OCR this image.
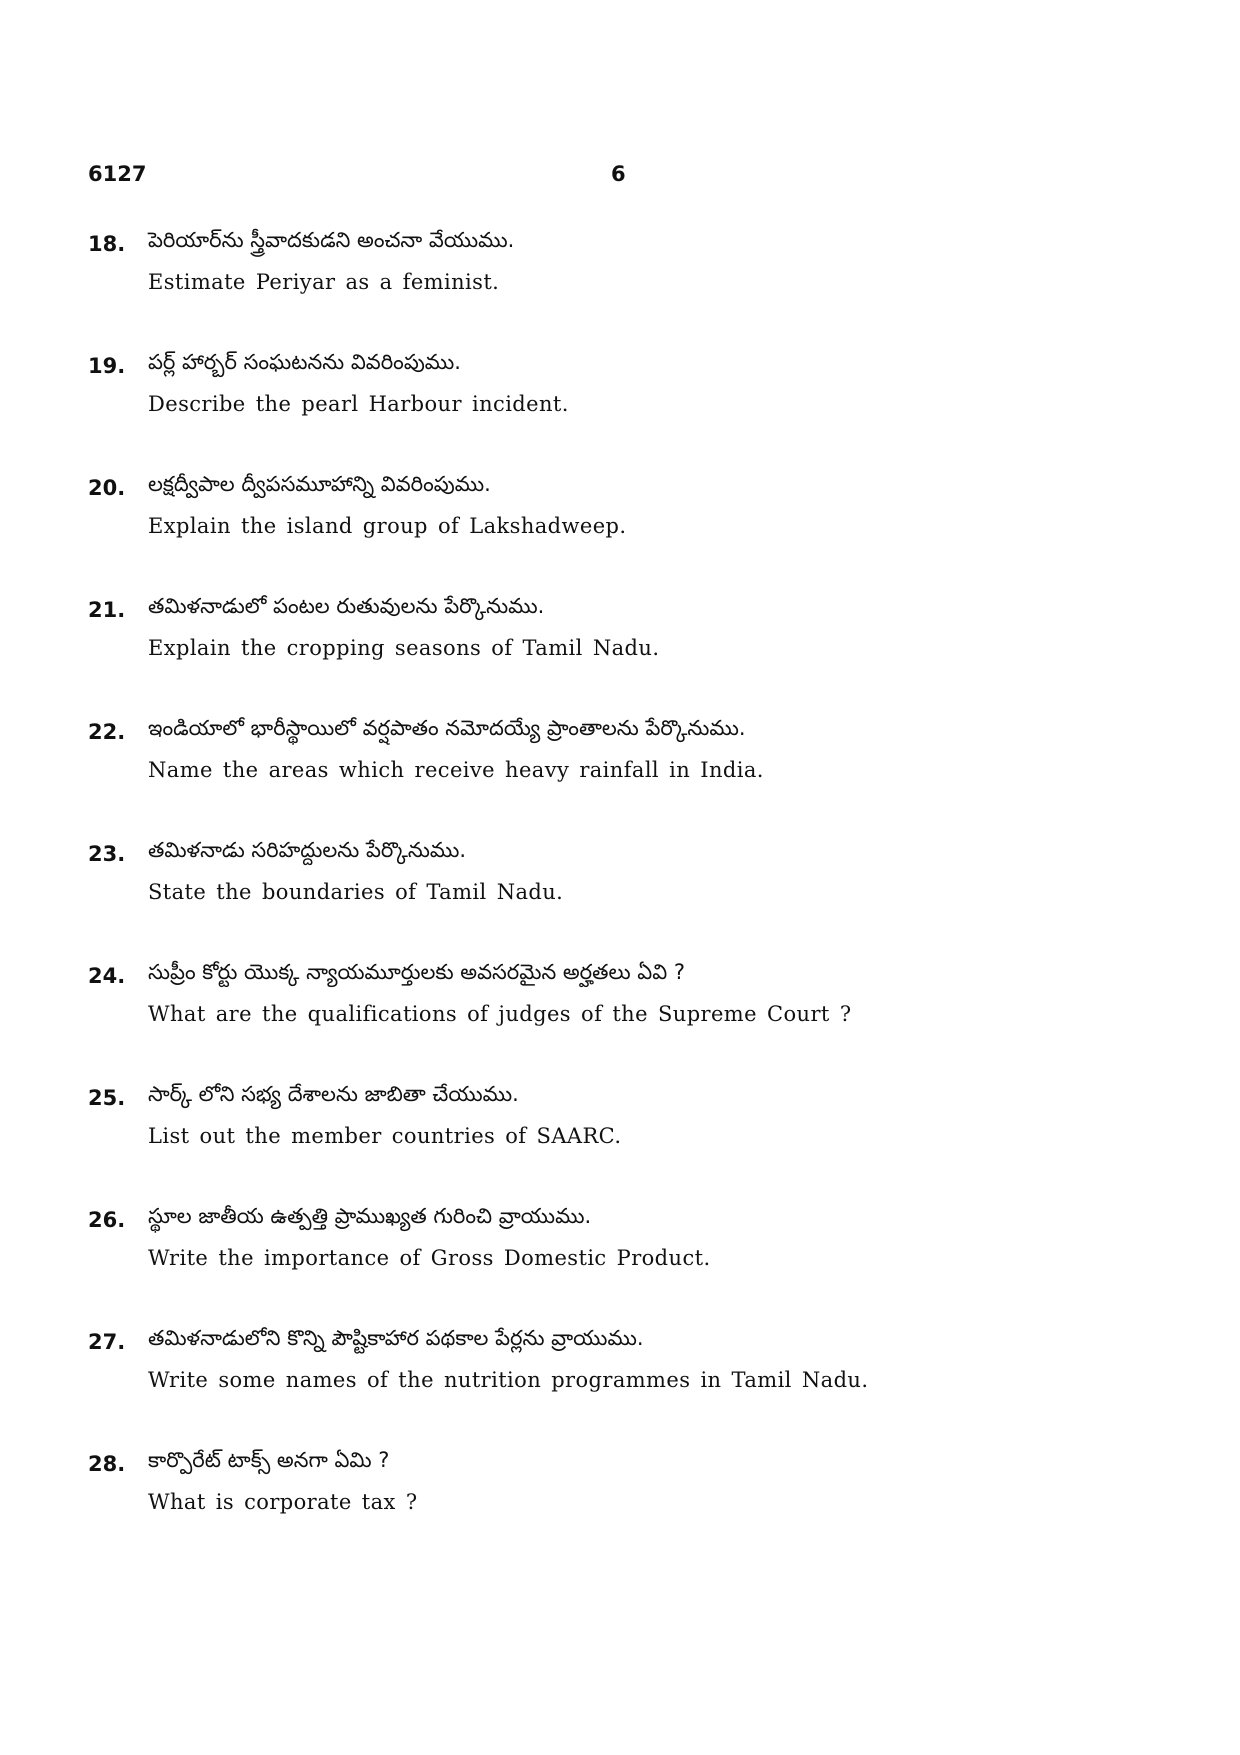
6127	6
18. పెరియార్‌ను స్త్రీవాదకుడని అంచనా వేయుము.
Estimate Periyar as a feminist.
19. పర్ల్ హార్బర్ సంఘటనను వివరింపుము.
Describe the pearl Harbour incident.
20. లక్షద్వీపాల ద్వీపసమూహాన్ని వివరింపుము.
Explain the island group of Lakshadweep.
21. తమిళనాడులో పంటల రుతువులను పేర్కొనుము.
Explain the cropping seasons of Tamil Nadu.
22. ఇండియాలో భారీస్థాయిలో వర్షపాతం నమోదయ్యే ప్రాంతాలను పేర్కొనుము.
Name the areas which receive heavy rainfall in India.
23. తమిళనాడు సరిహద్దులను పేర్కొనుము.
State the boundaries of Tamil Nadu.
24. సుప్రీం కోర్టు యొక్క న్యాయమూర్తులకు అవసరమైన అర్హతలు ఏవి ?
What are the qualifications of judges of the Supreme Court ?
25. సార్క్ లోని సభ్య దేశాలను జాబితా చేయుము.
List out the member countries of SAARC.
26. స్థూల జాతీయ ఉత్పత్తి ప్రాముఖ్యత గురించి వ్రాయుము.
Write the importance of Gross Domestic Product.
27. తమిళనాడులోని కొన్ని పౌష్టికాహార పథకాల పేర్లను వ్రాయుము.
Write some names of the nutrition programmes in Tamil Nadu.
28. కార్పొరేట్ టాక్స్ అనగా ఏమి ?
What is corporate tax ?
